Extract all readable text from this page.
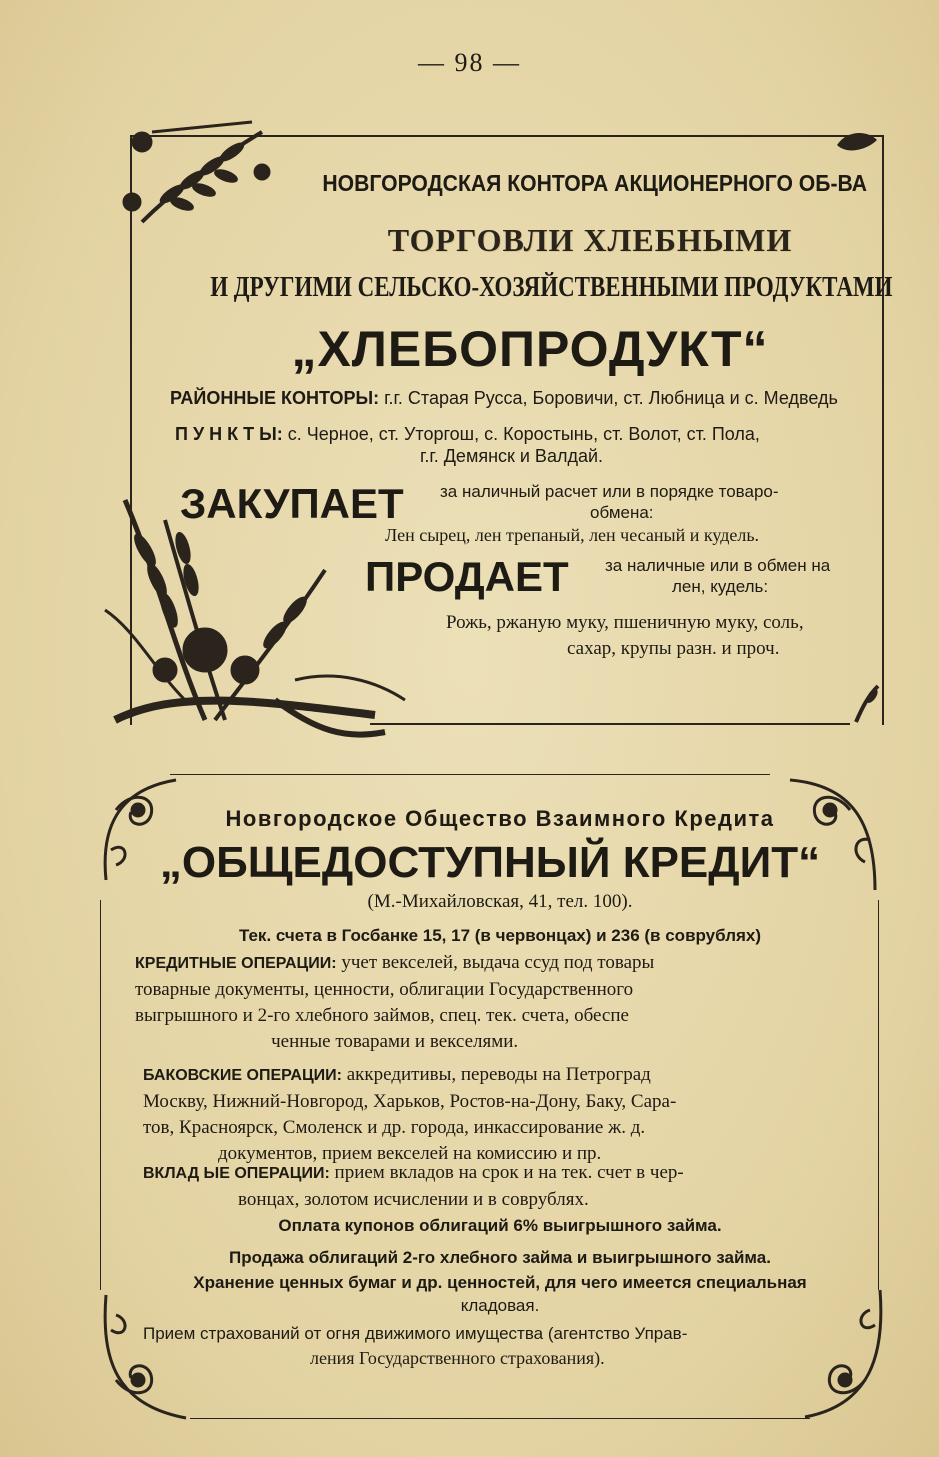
— 98 —
НОВГОРОДСКАЯ КОНТОРА АКЦИОНЕРНОГО ОБ-ВА
ТОРГОВЛИ ХЛЕБНЫМИ
И ДРУГИМИ СЕЛЬСКО-ХОЗЯЙСТВЕННЫМИ ПРОДУКТАМИ
„ХЛЕБОПРОДУКТ“
РАЙОННЫЕ КОНТОРЫ: г.г. Старая Русса, Боровичи, ст. Любница и с. Медведь
П У Н К Т Ы: с. Черное, ст. Уторгош, с. Коростынь, ст. Волот, ст. Пола,
г.г. Демянск и Валдай.
ЗАКУПАЕТ за наличный расчет или в порядке товаро-
обмена:
Лен сырец, лен трепаный, лен чесаный и кудель.
ПРОДАЕТ за наличные или в обмен на
лен, кудель:
Рожь, ржаную муку, пшеничную муку, соль,
сахар, крупы разн. и проч.
Новгородское Общество Взаимного Кредита
„ОБЩЕДОСТУПНЫЙ КРЕДИТ“
(М.-Михайловская, 41, тел. 100).
Тек. счета в Госбанке 15, 17 (в червонцах) и 236 (в соврублях)
КРЕДИТНЫЕ ОПЕРАЦИИ: учет векселей, выдача ссуд под товары
товарные документы, ценности, облигации Государственного
выгрышного и 2-го хлебного займов, спец. тек. счета, обеспе
ченные товарами и векселями.
БАКОВСКИЕ ОПЕРАЦИИ: аккредитивы, переводы на Петроград
Москву, Нижний-Новгород, Харьков, Ростов-на-Дону, Баку, Сара-
тов, Красноярск, Смоленск и др. города, инкассирование ж. д.
документов, прием векселей на комиссию и пр.
ВКЛАД ЫЕ ОПЕРАЦИИ: прием вкладов на срок и на тек. счет в чер-
вонцах, золотом исчислении и в соврублях.
Оплата купонов облигаций 6% выигрышного займа.
Продажа облигаций 2-го хлебного займа и выигрышного займа.
Хранение ценных бумаг и др. ценностей, для чего имеется специальная
кладовая.
Прием страхований от огня движимого имущества (агентство Управ-
ления Государственного страхования).
